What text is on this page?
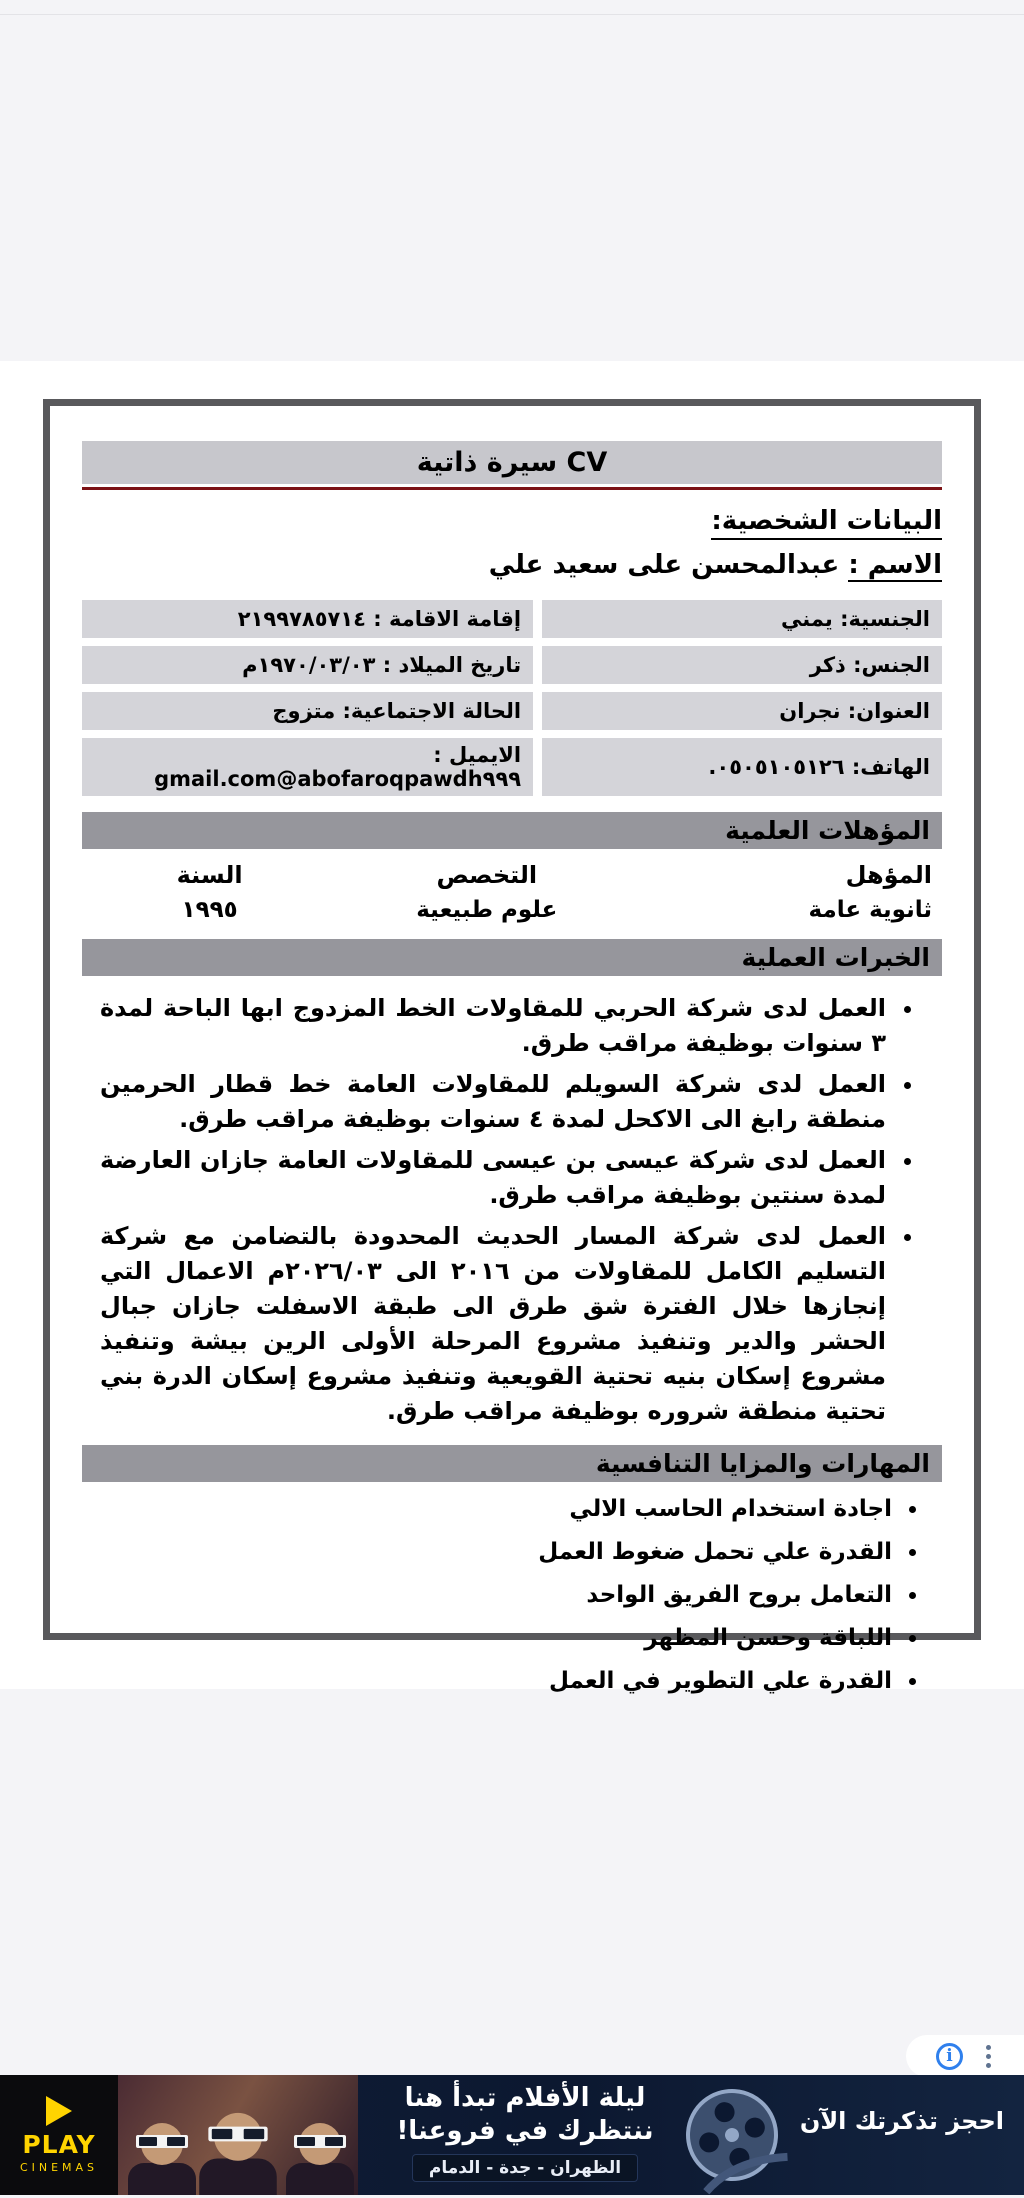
سيرة ذاتية CV
البيانات الشخصية:
الاسم : عبدالمحسن على سعيد علي
الجنسية: يمني
إقامة الاقامة : ٢١٩٩٧٨٥٧١٤
الجنس: ذكر
تاريخ الميلاد : ١٩٧٠/٠٣/٠٣م
العنوان: نجران
الحالة الاجتماعية: متزوج
الهاتف: ٠٥٠٥١٠٥١٢٦.
الايميل : abofaroqpawdh٩٩٩@gmail.com
المؤهلات العلمية
المؤهل
التخصص
السنة
ثانوية عامة
علوم طبيعية
١٩٩٥
الخبرات العملية
• العمل لدى شركة الحربي للمقاولات الخط المزدوج ابها الباحة لمدة ٣ سنوات بوظيفة مراقب طرق.
• العمل لدى شركة السويلم للمقاولات العامة خط قطار الحرمين منطقة رابغ الى الاكحل لمدة ٤ سنوات بوظيفة مراقب طرق.
• العمل لدى شركة عيسى بن عيسى للمقاولات العامة جازان العارضة لمدة سنتين بوظيفة مراقب طرق.
• العمل لدى شركة المسار الحديث المحدودة بالتضامن مع شركة التسليم الكامل للمقاولات من ٢٠١٦ الى ٢٠٢٦/٠٣م الاعمال التي إنجازها خلال الفترة شق طرق الى طبقة الاسفلت جازان جبال الحشر والدير وتنفيذ مشروع المرحلة الأولى الرين بيشة وتنفيذ مشروع إسكان بنيه تحتية القويعية وتنفيذ مشروع إسكان الدرة بني تحتية منطقة شروره بوظيفة مراقب طرق.
المهارات والمزايا التنافسية
• اجادة استخدام الحاسب الالي
• القدرة علي تحمل ضغوط العمل
• التعامل بروح الفريق الواحد
• اللباقة وحسن المظهر
• القدرة علي التطوير في العمل
i
PLAY
CINEMAS
ليلة الأفلام تبدأ هنا
ننتظرك في فروعنا!
الظهران - جدة - الدمام
احجز تذكرتك الآن
